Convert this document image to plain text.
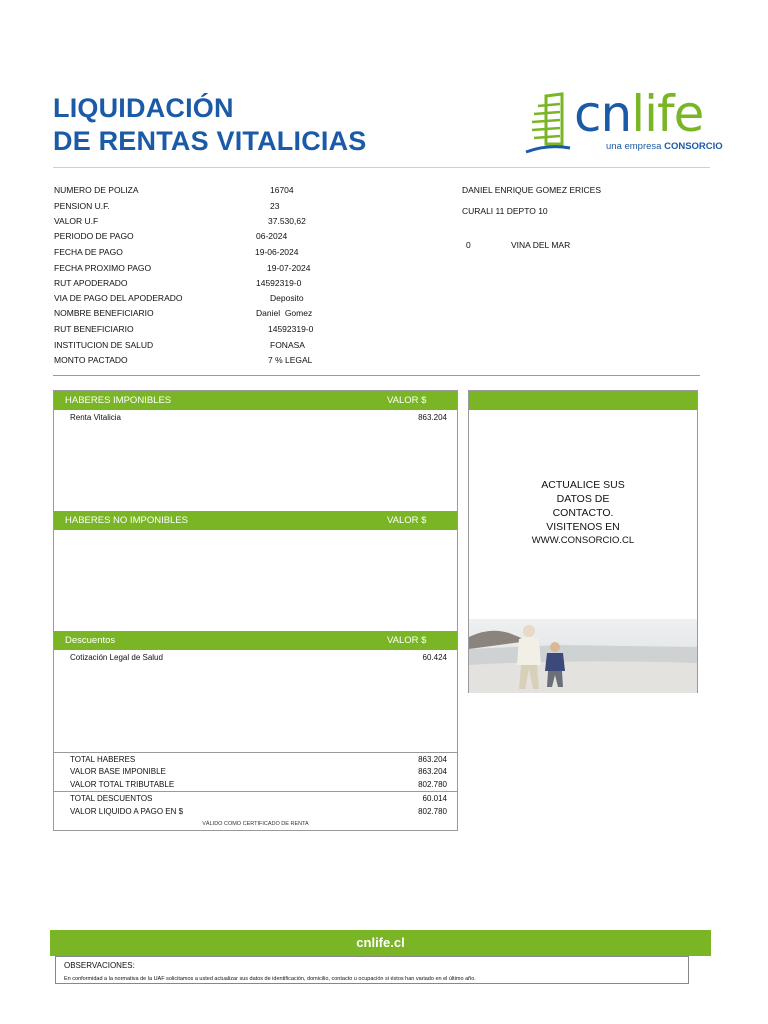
LIQUIDACIÓN
DE RENTAS VITALICIAS	cnlife
una empresa CONSORCIO
NUMERO DE POLIZA	16704
PENSION U.F.	23
VALOR U.F	37.530,62
PERIODO DE PAGO	06-2024
FECHA DE PAGO	19-06-2024
FECHA PROXIMO PAGO	19-07-2024
RUT APODERADO	14592319-0
VIA DE PAGO DEL APODERADO	Deposito
NOMBRE BENEFICIARIO	Daniel  Gomez
RUT BENEFICIARIO	14592319-0
INSTITUCION DE SALUD	FONASA
MONTO PACTADO	7 % LEGAL
DANIEL ENRIQUE GOMEZ ERICES
CURALI 11 DEPTO 10
0	VINA DEL MAR
HABERES IMPONIBLES	VALOR $
Renta Vitalicia	863.204
HABERES NO IMPONIBLES	VALOR $
Descuentos	VALOR $
Cotización Legal de Salud	60.424
TOTAL HABERES	863.204
VALOR BASE IMPONIBLE	863.204
VALOR TOTAL TRIBUTABLE	802.780
TOTAL DESCUENTOS	60.014
VALOR LIQUIDO A PAGO EN $	802.780
VÁLIDO COMO CERTIFICADO DE RENTA
ACTUALICE SUS
DATOS DE
CONTACTO.
VISITENOS EN
WWW.CONSORCIO.CL
cnlife.cl
OBSERVACIONES:
En conformidad a la normativa de la UAF solicitamos a usted actualizar sus datos de identificación, domicilio, contacto u ocupación si éstos han variado en el último año.
